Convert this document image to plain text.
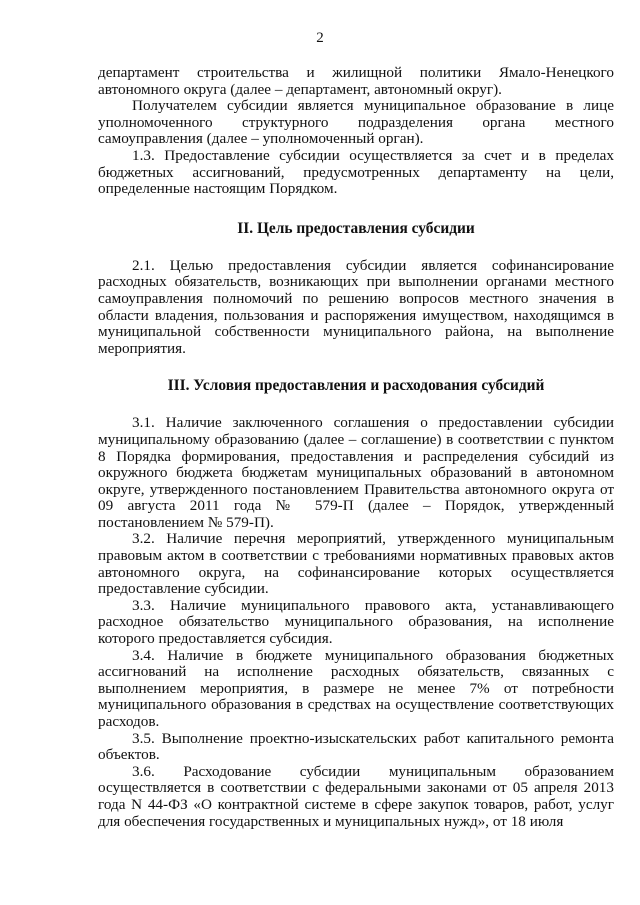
2

департамент строительства и жилищной политики Ямало-Ненецкого автономного округа (далее – департамент, автономный округ).

Получателем субсидии является муниципальное образование в лице уполномоченного структурного подразделения органа местного самоуправления (далее – уполномоченный орган).

1.3. Предоставление субсидии осуществляется за счет и в пределах бюджетных ассигнований, предусмотренных департаменту на цели, определенные настоящим Порядком.

II. Цель предоставления субсидии

2.1. Целью предоставления субсидии является софинансирование расходных обязательств, возникающих при выполнении органами местного самоуправления полномочий по решению вопросов местного значения в области владения, пользования и распоряжения имуществом, находящимся в муниципальной собственности муниципального района, на выполнение мероприятия.

III. Условия предоставления и расходования субсидий

3.1. Наличие заключенного соглашения о предоставлении субсидии муниципальному образованию (далее – соглашение) в соответствии с пунктом 8 Порядка формирования, предоставления и распределения субсидий из окружного бюджета бюджетам муниципальных образований в автономном округе, утвержденного постановлением Правительства автономного округа от 09 августа 2011 года № 579-П (далее – Порядок, утвержденный постановлением № 579-П).

3.2. Наличие перечня мероприятий, утвержденного муниципальным правовым актом в соответствии с требованиями нормативных правовых актов автономного округа, на софинансирование которых осуществляется предоставление субсидии.

3.3. Наличие муниципального правового акта, устанавливающего расходное обязательство муниципального образования, на исполнение которого предоставляется субсидия.

3.4. Наличие в бюджете муниципального образования бюджетных ассигнований на исполнение расходных обязательств, связанных с выполнением мероприятия, в размере не менее 7% от потребности муниципального образования в средствах на осуществление соответствующих расходов.

3.5. Выполнение проектно-изыскательских работ капитального ремонта объектов.

3.6. Расходование субсидии муниципальным образованием осуществляется в соответствии с федеральными законами от 05 апреля 2013 года N 44-ФЗ «О контрактной системе в сфере закупок товаров, работ, услуг для обеспечения государственных и муниципальных нужд», от 18 июля
